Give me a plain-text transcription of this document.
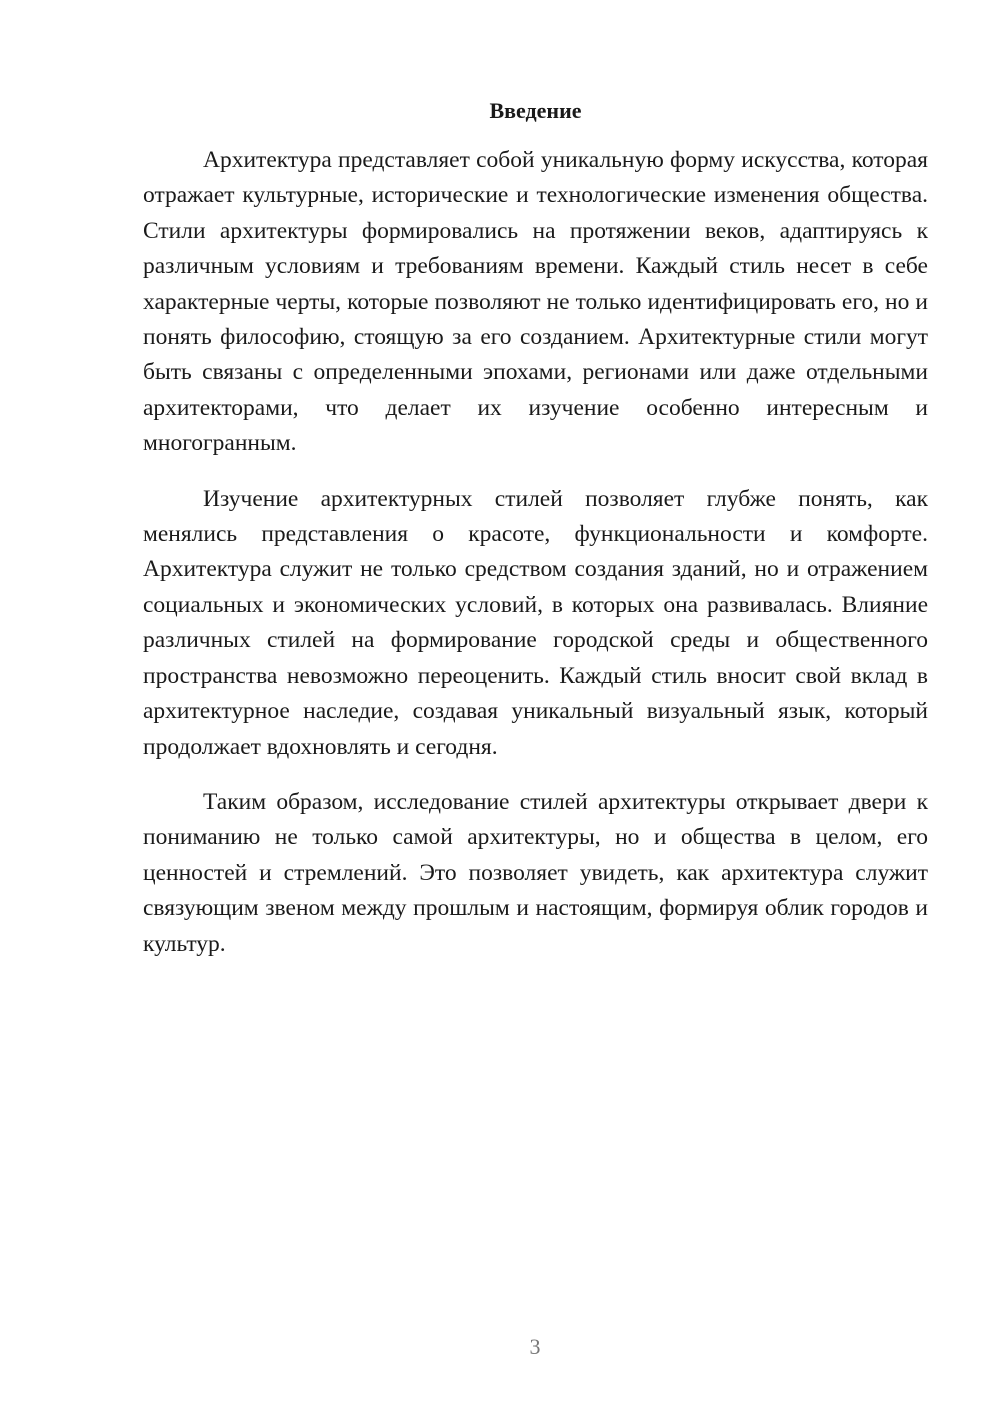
Введение

Архитектура представляет собой уникальную форму искусства, которая отражает культурные, исторические и технологические изменения общества. Стили архитектуры формировались на протяжении веков, адаптируясь к различным условиям и требованиям времени. Каждый стиль несет в себе характерные черты, которые позволяют не только идентифицировать его, но и понять философию, стоящую за его созданием. Архитектурные стили могут быть связаны с определенными эпохами, регионами или даже отдельными архитекторами, что делает их изучение особенно интересным и многогранным.

Изучение архитектурных стилей позволяет глубже понять, как менялись представления о красоте, функциональности и комфорте. Архитектура служит не только средством создания зданий, но и отражением социальных и экономических условий, в которых она развивалась. Влияние различных стилей на формирование городской среды и общественного пространства невозможно переоценить. Каждый стиль вносит свой вклад в архитектурное наследие, создавая уникальный визуальный язык, который продолжает вдохновлять и сегодня.

Таким образом, исследование стилей архитектуры открывает двери к пониманию не только самой архитектуры, но и общества в целом, его ценностей и стремлений. Это позволяет увидеть, как архитектура служит связующим звеном между прошлым и настоящим, формируя облик городов и культур.

3
